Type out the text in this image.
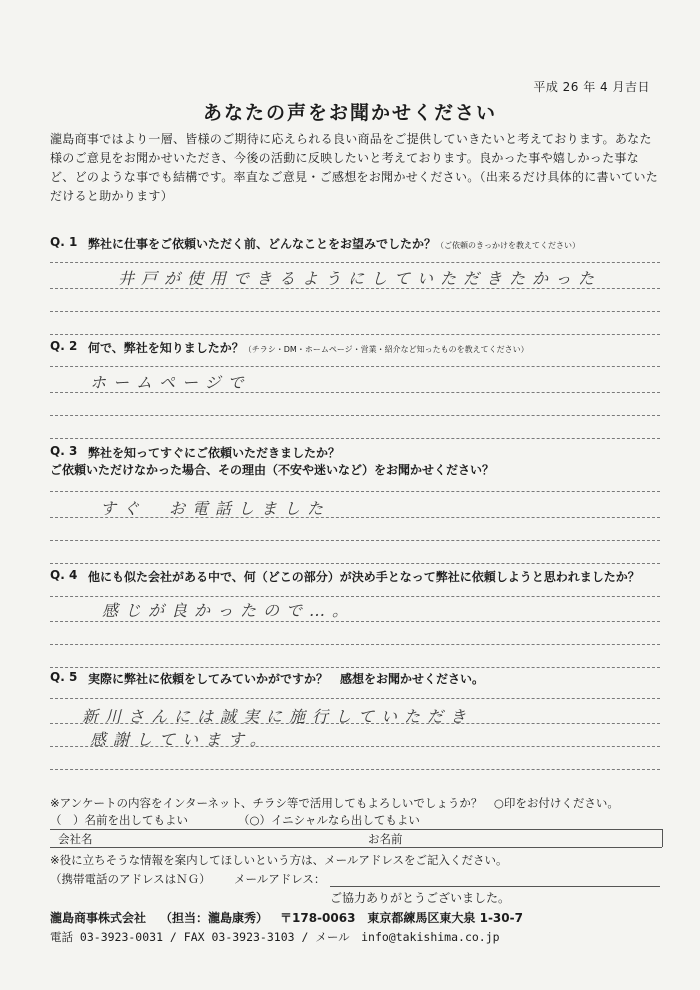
平成 26 年 4 月吉日
あなたの声をお聞かせください
瀧島商事ではより一層、皆様のご期待に応えられる良い商品をご提供していきたいと考えております。あなた様のご意見をお聞かせいただき、今後の活動に反映したいと考えております。良かった事や嬉しかった事など、どのような事でも結構です。率直なご意見・ご感想をお聞かせください。（出来るだけ具体的に書いていただけると助かります）
Q. 1 弊社に仕事をご依頼いただく前、どんなことをお望みでしたか？（ご依頼のきっかけを教えてください）
井戸が使用できるようにしていただきたかった
Q. 2 何で、弊社を知りましたか？（チラシ・DM・ホームページ・営業・紹介など知ったものを教えてください）
ホームページで
Q. 3 弊社を知ってすぐにご依頼いただきましたか？
ご依頼いただけなかった場合、その理由（不安や迷いなど）をお聞かせください？
すぐ　お電話しました
Q. 4 他にも似た会社がある中で、何（どこの部分）が決め手となって弊社に依頼しようと思われましたか？
感じが良かったので…。
Q. 5 実際に弊社に依頼をしてみていかがですか？　感想をお聞かせください。
新川さんには誠実に施行していただき
感謝しています。
※アンケートの内容をインターネット、チラシ等で活用してもよろしいでしょうか？　○印をお付けください。
（　）名前を出してもよい	（○）イニシャルなら出してもよい
会社名	お名前
※役に立ちそうな情報を案内してほしいという方は、メールアドレスをご記入ください。
（携帯電話のアドレスはＮＧ） メールアドレス：
ご協力ありがとうございました。
瀧島商事株式会社 （担当：瀧島康秀） 〒178-0063　東京都練馬区東大泉 1-30-7
電話 03-3923-0031 / FAX 03-3923-3103 / メール　info@takishima.co.jp
